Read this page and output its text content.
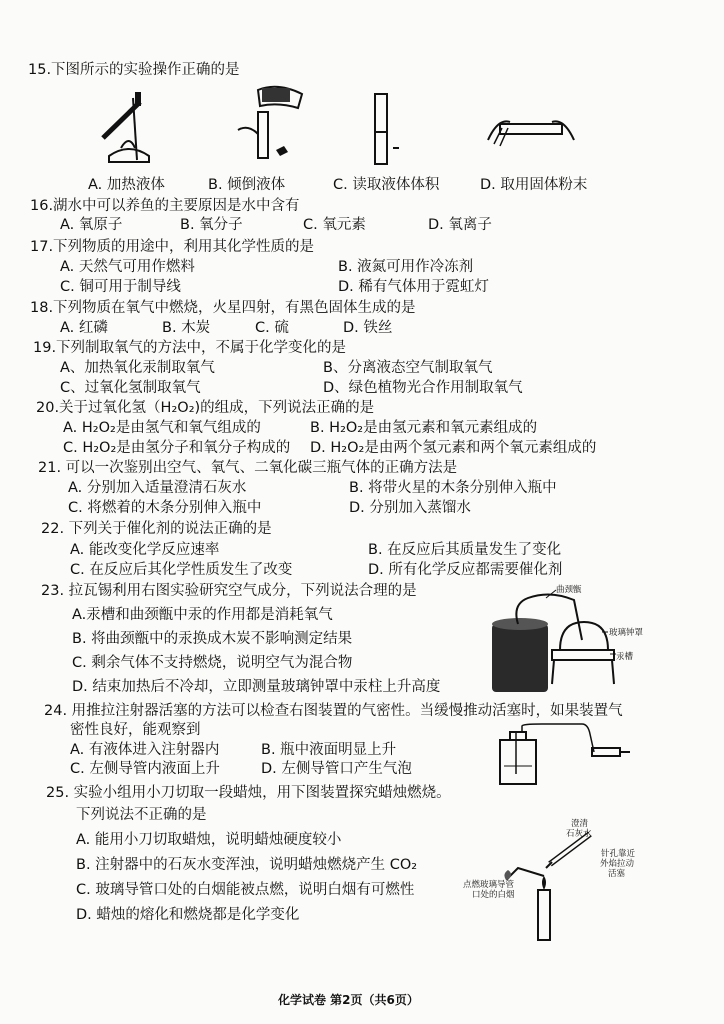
15.下图所示的实验操作正确的是
A. 加热液体	B. 倾倒液体	C. 读取液体体积	D. 取用固体粉末
16.湖水中可以养鱼的主要原因是水中含有
A. 氧原子	B. 氧分子	C. 氧元素	D. 氧离子
17.下列物质的用途中，利用其化学性质的是
A. 天然气可用作燃料	B. 液氮可用作冷冻剂
C. 铜可用于制导线	D. 稀有气体用于霓虹灯
18.下列物质在氧气中燃烧，火星四射，有黑色固体生成的是
A. 红磷	B. 木炭	C. 硫	D. 铁丝
19.下列制取氧气的方法中，不属于化学变化的是
A、加热氧化汞制取氧气	B、分离液态空气制取氧气
C、过氧化氢制取氧气	D、绿色植物光合作用制取氧气
20.关于过氧化氢（H₂O₂)的组成，下列说法正确的是
A. H₂O₂是由氢气和氧气组成的	B. H₂O₂是由氢元素和氧元素组成的
C. H₂O₂是由氢分子和氧分子构成的 D. H₂O₂是由两个氢元素和两个氧元素组成的
21. 可以一次鉴别出空气、氧气、二氧化碳三瓶气体的正确方法是
A. 分别加入适量澄清石灰水	B. 将带火星的木条分别伸入瓶中
C. 将燃着的木条分别伸入瓶中	D. 分别加入蒸馏水
22. 下列关于催化剂的说法正确的是
A. 能改变化学反应速率	B. 在反应后其质量发生了变化
C. 在反应后其化学性质发生了改变	D. 所有化学反应都需要催化剂
23. 拉瓦锡利用右图实验研究空气成分，下列说法合理的是
A.汞槽和曲颈甑中汞的作用都是消耗氧气
B. 将曲颈甑中的汞换成木炭不影响测定结果
C. 剩余气体不支持燃烧，说明空气为混合物
D. 结束加热后不冷却，立即测量玻璃钟罩中汞柱上升高度
曲颈甑
玻璃钟罩
汞槽
24. 用推拉注射器活塞的方法可以检查右图装置的气密性。当缓慢推动活塞时，如果装置气
密性良好，能观察到
A. 有液体进入注射器内	B. 瓶中液面明显上升
C. 左侧导管内液面上升	D. 左侧导管口产生气泡
25. 实验小组用小刀切取一段蜡烛，用下图装置探究蜡烛燃烧。
下列说法不正确的是
A. 能用小刀切取蜡烛，说明蜡烛硬度较小
B. 注射器中的石灰水变浑浊，说明蜡烛燃烧产生 CO₂
C. 玻璃导管口处的白烟能被点燃，说明白烟有可燃性
D. 蜡烛的熔化和燃烧都是化学变化
澄清
石灰水
针孔靠近
外焰拉动
活塞
点燃玻璃导管
口处的白烟
化学试卷 第2页（共6页）
